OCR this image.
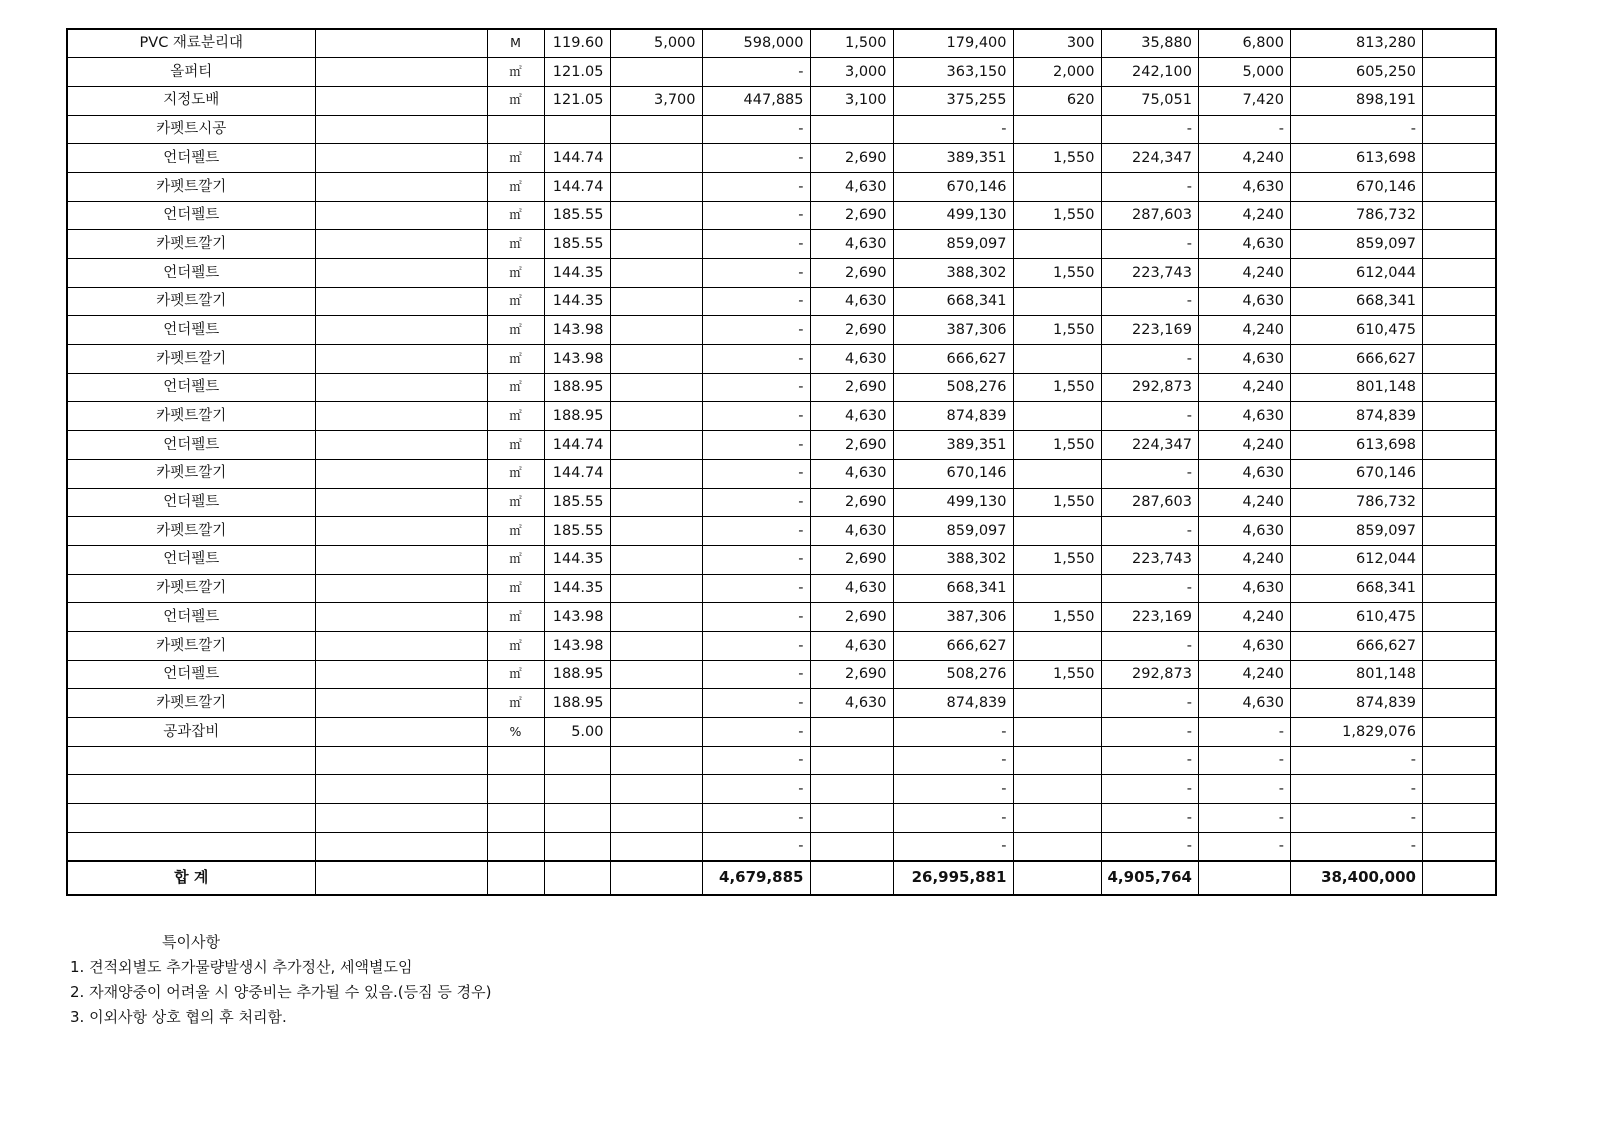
PVC 재료분리대		M	119.60	5,000	598,000	1,500	179,400	300	35,880	6,800	813,280	
올퍼티		㎡	121.05		-	3,000	363,150	2,000	242,100	5,000	605,250	
지정도배		㎡	121.05	3,700	447,885	3,100	375,255	620	75,051	7,420	898,191	
카펫트시공					-		-		-	-	-	
언더펠트		㎡	144.74		-	2,690	389,351	1,550	224,347	4,240	613,698	
카펫트깔기		㎡	144.74		-	4,630	670,146		-	4,630	670,146	
언더펠트		㎡	185.55		-	2,690	499,130	1,550	287,603	4,240	786,732	
카펫트깔기		㎡	185.55		-	4,630	859,097		-	4,630	859,097	
언더펠트		㎡	144.35		-	2,690	388,302	1,550	223,743	4,240	612,044	
카펫트깔기		㎡	144.35		-	4,630	668,341		-	4,630	668,341	
언더펠트		㎡	143.98		-	2,690	387,306	1,550	223,169	4,240	610,475	
카펫트깔기		㎡	143.98		-	4,630	666,627		-	4,630	666,627	
언더펠트		㎡	188.95		-	2,690	508,276	1,550	292,873	4,240	801,148	
카펫트깔기		㎡	188.95		-	4,630	874,839		-	4,630	874,839	
언더펠트		㎡	144.74		-	2,690	389,351	1,550	224,347	4,240	613,698	
카펫트깔기		㎡	144.74		-	4,630	670,146		-	4,630	670,146	
언더펠트		㎡	185.55		-	2,690	499,130	1,550	287,603	4,240	786,732	
카펫트깔기		㎡	185.55		-	4,630	859,097		-	4,630	859,097	
언더펠트		㎡	144.35		-	2,690	388,302	1,550	223,743	4,240	612,044	
카펫트깔기		㎡	144.35		-	4,630	668,341		-	4,630	668,341	
언더펠트		㎡	143.98		-	2,690	387,306	1,550	223,169	4,240	610,475	
카펫트깔기		㎡	143.98		-	4,630	666,627		-	4,630	666,627	
언더펠트		㎡	188.95		-	2,690	508,276	1,550	292,873	4,240	801,148	
카펫트깔기		㎡	188.95		-	4,630	874,839		-	4,630	874,839	
공과잡비		%	5.00		-		-		-	-	1,829,076	
					-		-		-	-	-	
					-		-		-	-	-	
					-		-		-	-	-	
					-		-		-	-	-	
합 계					4,679,885		26,995,881		4,905,764		38,400,000	
특이사항
1. 견적외별도 추가물량발생시 추가정산, 세액별도임
2. 자재양중이 어려울 시 양중비는 추가될 수 있음.(등짐 등 경우)
3. 이외사항 상호 협의 후 처리함.
